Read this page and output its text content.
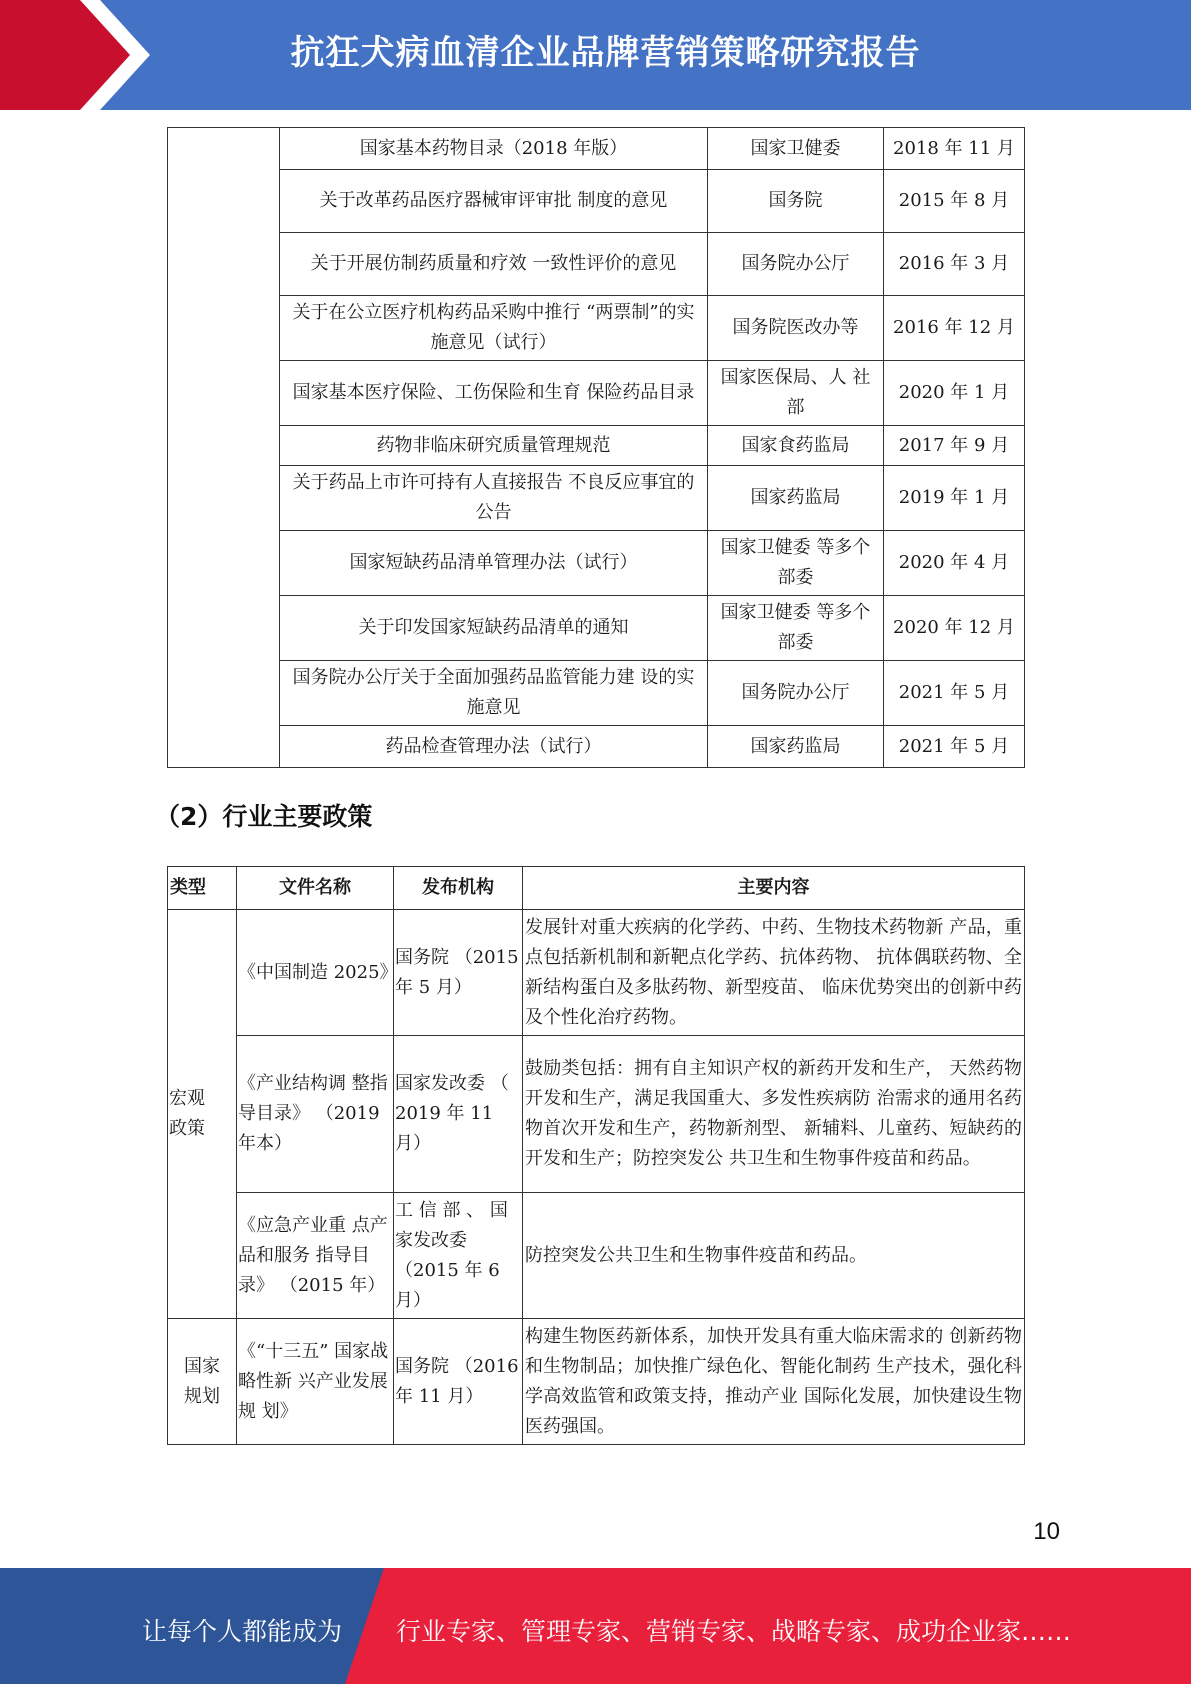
抗狂犬病血清企业品牌营销策略研究报告
	国家基本药物目录（2018 年版）	国家卫健委	2018 年 11 月
	关于改革药品医疗器械审评审批 制度的意见	国务院	2015 年 8 月
	关于开展仿制药质量和疗效 一致性评价的意见	国务院办公厅	2016 年 3 月
	关于在公立医疗机构药品采购中推行 “两票制”的实施意见（试行）	国务院医改办等	2016 年 12 月
	国家基本医疗保险、工伤保险和生育 保险药品目录	国家医保局、人 社部	2020 年 1 月
	药物非临床研究质量管理规范	国家食药监局	2017 年 9 月
	关于药品上市许可持有人直接报告 不良反应事宜的公告	国家药监局	2019 年 1 月
	国家短缺药品清单管理办法（试行）	国家卫健委 等多个部委	2020 年 4 月
	关于印发国家短缺药品清单的通知	国家卫健委 等多个部委	2020 年 12 月
	国务院办公厅关于全面加强药品监管能力建 设的实施意见	国务院办公厅	2021 年 5 月
	药品检查管理办法（试行）	国家药监局	2021 年 5 月
（2）行业主要政策
类型	文件名称	发布机构	主要内容
宏观政策	《中国制造 2025》	国务院 （2015 年 5 月）	发展针对重大疾病的化学药、中药、生物技术药物新 产品，重点包括新机制和新靶点化学药、抗体药物、 抗体偶联药物、全新结构蛋白及多肽药物、新型疫苗、 临床优势突出的创新中药及个性化治疗药物。
	《产业结构调 整指导目录》 （2019 年本）	国家发改委 （ 2019 年 11 月）	鼓励类包括：拥有自主知识产权的新药开发和生产， 天然药物开发和生产，满足我国重大、多发性疾病防 治需求的通用名药物首次开发和生产，药物新剂型、 新辅料、儿童药、短缺药的开发和生产；防控突发公 共卫生和生物事件疫苗和药品。
	《应急产业重 点产品和服务 指导目录》 （2015 年）	工 信 部 、 国家发改委 （2015 年 6 月）	防控突发公共卫生和生物事件疫苗和药品。
国家规划	《“十三五” 国家战略性新 兴产业发展规 划》	国务院 （2016 年 11 月）	构建生物医药新体系，加快开发具有重大临床需求的 创新药物和生物制品；加快推广绿色化、智能化制药 生产技术，强化科学高效监管和政策支持，推动产业 国际化发展，加快建设生物医药强国。
10
让每个人都能成为 行业专家、管理专家、营销专家、战略专家、成功企业家……
